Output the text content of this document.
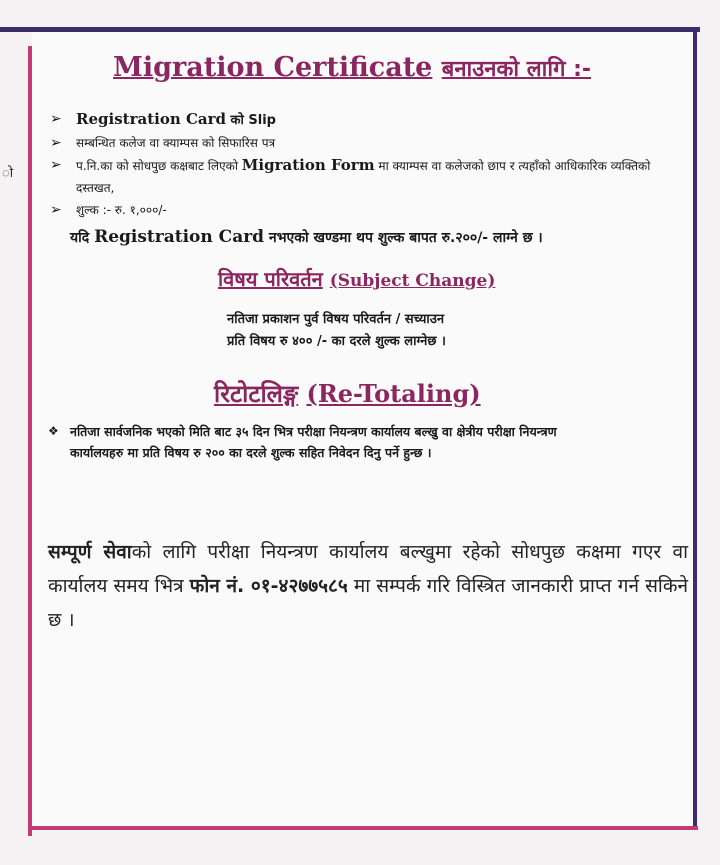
ो
Migration Certificate बनाउनको लागि :-
➢ Registration Card को Slip
➢	सम्बन्धित कलेज वा क्याम्पस को सिफारिस पत्र
➢	प.नि.का को सोधपुछ कक्षबाट लिएको Migration Form मा क्याम्पस वा कलेजको छाप र त्यहाँको आधिकारिक व्यक्तिको दस्तखत,
➢	शुल्क :- रु. १,०००/-
यदि Registration Card नभएको खण्डमा थप शुल्क बापत रु.२००/- लाग्ने छ ।
विषय परिवर्तन (Subject Change)
नतिजा प्रकाशन पुर्व विषय परिवर्तन / सच्याउन
प्रति विषय रु ४०० /- का दरले शुल्क लाग्नेछ ।
रिटोटलिङ्ग (Re-Totaling)
❖ नतिजा सार्वजनिक भएको मिति बाट ३५ दिन भित्र परीक्षा नियन्त्रण कार्यालय बल्खु वा क्षेत्रीय परीक्षा नियन्त्रण कार्यालयहरु मा प्रति विषय रु २०० का दरले शुल्क सहित निवेदन दिनु पर्ने हुन्छ ।
सम्पूर्ण सेवाको लागि परीक्षा नियन्त्रण कार्यालय बल्खुमा रहेको सोधपुछ कक्षमा गएर वा कार्यालय समय भित्र फोन नं. ०१-४२७७५८५ मा सम्पर्क गरि विस्त्रित जानकारी प्राप्त गर्न सकिने छ ।
